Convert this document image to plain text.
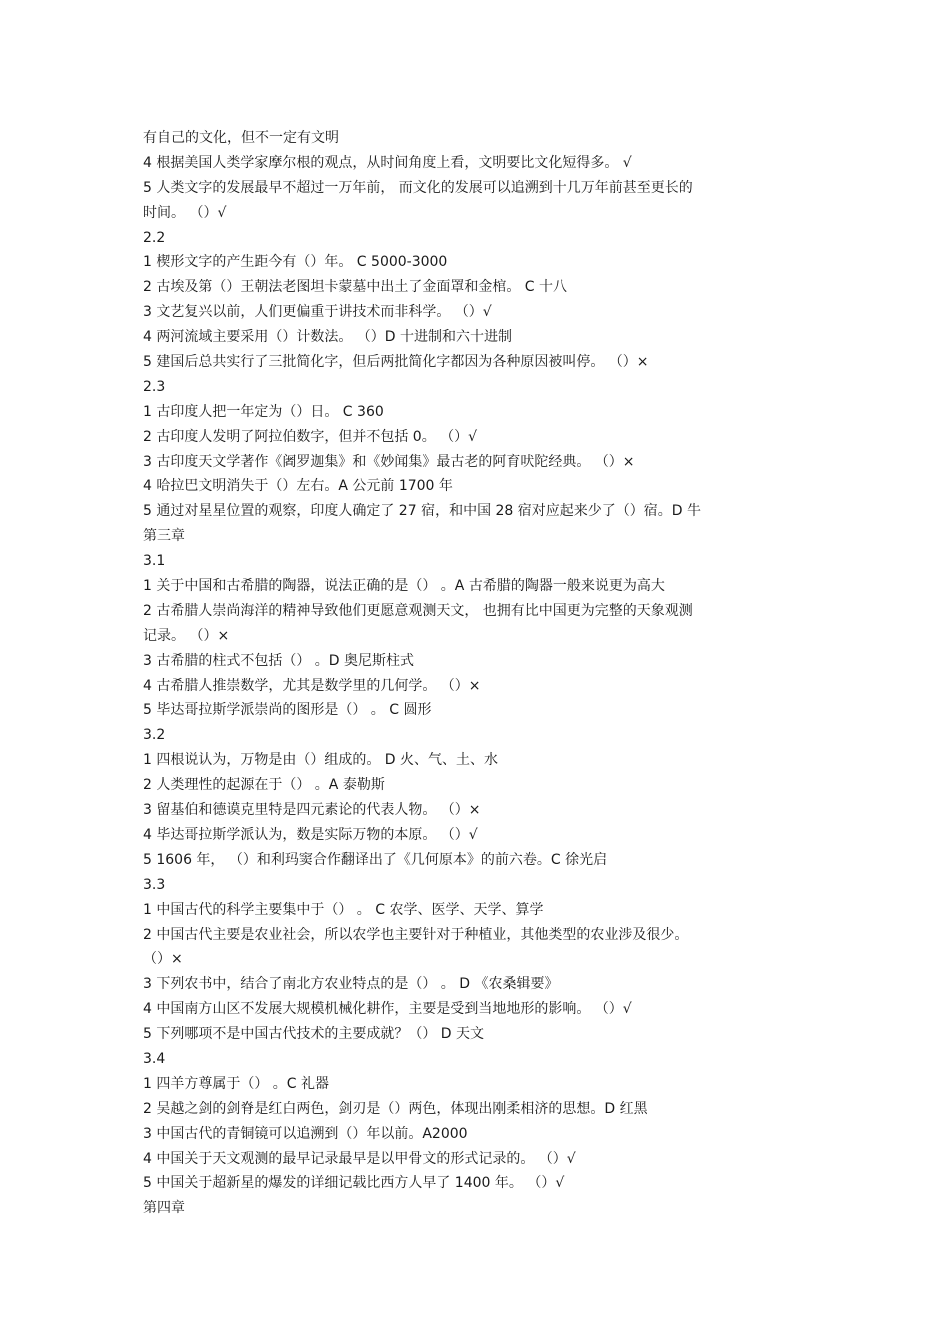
有自己的文化，但不一定有文明
4 根据美国人类学家摩尔根的观点，从时间角度上看，文明要比文化短得多。 √
5 人类文字的发展最早不超过一万年前， 而文化的发展可以追溯到十几万年前甚至更长的
时间。 （）√
2.2
1 楔形文字的产生距今有（）年。 C 5000-3000
2 古埃及第（）王朝法老图坦卡蒙墓中出土了金面罩和金棺。 C 十八
3 文艺复兴以前，人们更偏重于讲技术而非科学。 （）√
4 两河流域主要采用（）计数法。 （）D 十进制和六十进制
5 建国后总共实行了三批简化字，但后两批简化字都因为各种原因被叫停。 （）×
2.3
1 古印度人把一年定为（）日。 C 360
2 古印度人发明了阿拉伯数字，但并不包括 0。 （）√
3 古印度天文学著作《阇罗迦集》和《妙闻集》最古老的阿育吠陀经典。 （）×
4 哈拉巴文明消失于（）左右。A 公元前 1700 年
5 通过对星星位置的观察，印度人确定了 27 宿，和中国 28 宿对应起来少了（）宿。D 牛
第三章
3.1
1 关于中国和古希腊的陶器，说法正确的是（） 。A 古希腊的陶器一般来说更为高大
2 古希腊人崇尚海洋的精神导致他们更愿意观测天文， 也拥有比中国更为完整的天象观测
记录。 （）×
3 古希腊的柱式不包括（） 。D 奥尼斯柱式
4 古希腊人推崇数学，尤其是数学里的几何学。 （）×
5 毕达哥拉斯学派崇尚的图形是（） 。 C 圆形
3.2
1 四根说认为，万物是由（）组成的。 D 火、气、土、水
2 人类理性的起源在于（） 。A 泰勒斯
3 留基伯和德谟克里特是四元素论的代表人物。 （）×
4 毕达哥拉斯学派认为，数是实际万物的本原。 （）√
5 1606 年， （）和利玛窦合作翻译出了《几何原本》的前六卷。C 徐光启
3.3
1 中国古代的科学主要集中于（） 。 C 农学、医学、天学、算学
2 中国古代主要是农业社会，所以农学也主要针对于种植业，其他类型的农业涉及很少。
（）×
3 下列农书中，结合了南北方农业特点的是（） 。 D 《农桑辑要》
4 中国南方山区不发展大规模机械化耕作，主要是受到当地地形的影响。 （）√
5 下列哪项不是中国古代技术的主要成就？（） D 天文
3.4
1 四羊方尊属于（） 。C 礼器
2 吴越之剑的剑脊是红白两色，剑刃是（）两色，体现出刚柔相济的思想。D 红黑
3 中国古代的青铜镜可以追溯到（）年以前。A2000
4 中国关于天文观测的最早记录最早是以甲骨文的形式记录的。 （）√
5 中国关于超新星的爆发的详细记载比西方人早了 1400 年。 （）√
第四章
